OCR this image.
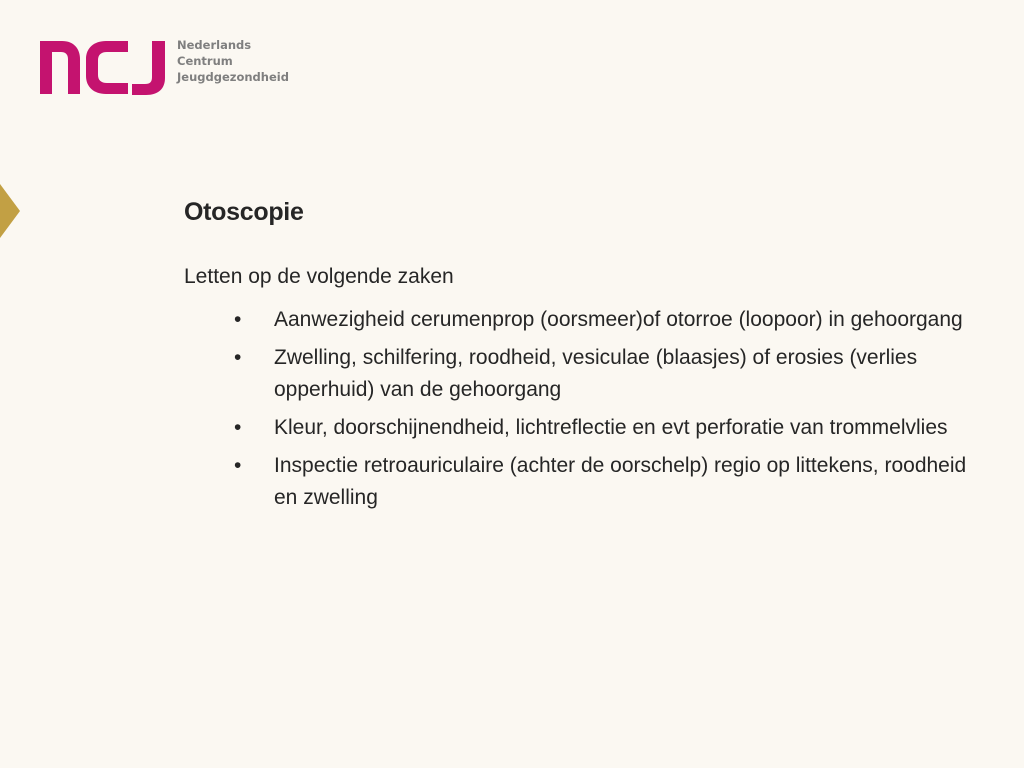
Nederlands
Centrum
Jeugdgezondheid
Otoscopie

Letten op de volgende zaken

• Aanwezigheid cerumenprop (oorsmeer)of otorroe (loopoor) in gehoorgang
• Zwelling, schilfering, roodheid, vesiculae (blaasjes) of erosies (verlies opperhuid) van de gehoorgang
• Kleur, doorschijnendheid, lichtreflectie en evt perforatie van trommelvlies
• Inspectie retroauriculaire (achter de oorschelp) regio op littekens, roodheid en zwelling
